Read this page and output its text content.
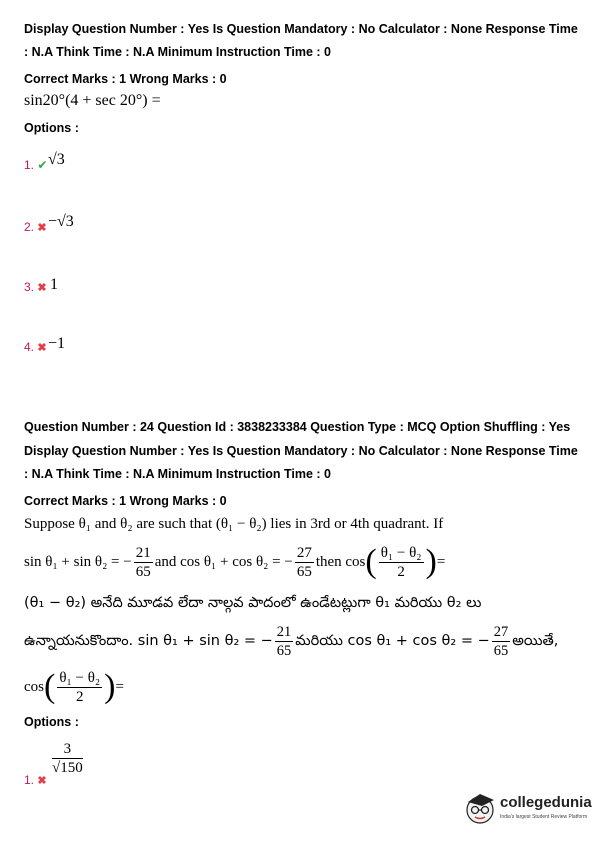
Display Question Number : Yes Is Question Mandatory : No Calculator : None Response Time
: N.A Think Time : N.A Minimum Instruction Time : 0
Correct Marks : 1 Wrong Marks : 0
sin20°(4 + sec 20°) =
Options :
1. ✔ √3
2. ✖ −√3
3. ✖ 1
4. ✖ −1
Question Number : 24 Question Id : 3838233384 Question Type : MCQ Option Shuffling : Yes
Display Question Number : Yes Is Question Mandatory : No Calculator : None Response Time
: N.A Think Time : N.A Minimum Instruction Time : 0
Correct Marks : 1 Wrong Marks : 0
Suppose θ₁ and θ₂ are such that (θ₁ − θ₂) lies in 3rd or 4th quadrant. If
sin θ₁ + sin θ₂ = − $\frac{21}{65}$ and cos θ₁ + cos θ₂ = − $\frac{27}{65}$ then cos ( $\frac{\text{θ₁ − θ₂}}{2}$ ) =
(θ₁ − θ₂) అనేది మూడవ లేదా నాల్గవ పాదంలో ఉండేటట్లుగా θ₁ మరియు θ₂ లు
ఉన్నాయనుకొందాం. sin θ₁ + sin θ₂ = − $\frac{21}{65}$ మరియు cos θ₁ + cos θ₂ = − $\frac{27}{65}$ అయితే,
cos ( $\frac{\text{θ₁ − θ₂}}{2}$ ) =
Options :
1. ✖
$\frac{3}{√150}$
collegedunia
India's largest Student Review Platform
